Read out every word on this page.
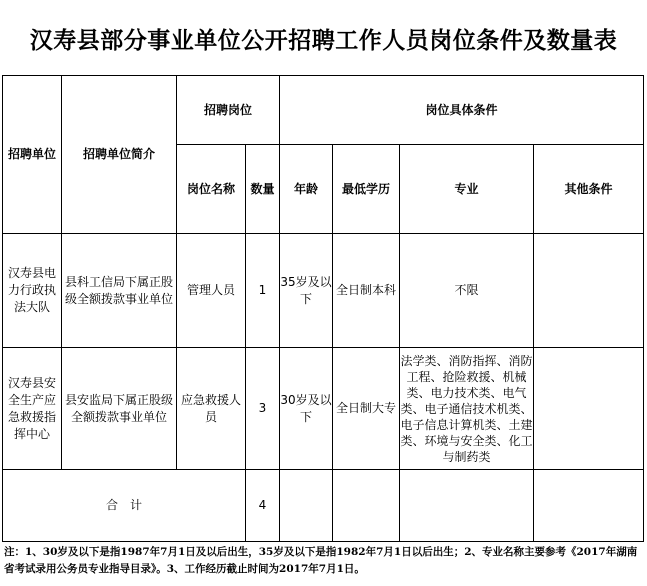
汉寿县部分事业单位公开招聘工作人员岗位条件及数量表
招聘单位	招聘单位简介	招聘岗位		岗位具体条件			
		岗位名称	数量	年龄	最低学历	专业	其他条件
汉寿县电力行政执法大队	县科工信局下属正股级全额拨款事业单位	管理人员	1	35岁及以下	全日制本科	不限	
汉寿县安全生产应急救援指挥中心	县安监局下属正股级全额拨款事业单位	应急救援人员	3	30岁及以下	全日制大专	法学类、消防指挥、消防工程、抢险救援、机械类、电力技术类、电气类、电子通信技术机类、电子信息计算机类、土建类、环境与安全类、化工与制药类	
合　计			4				
注：1、30岁及以下是指1987年7月1日及以后出生，35岁及以下是指1982年7月1日以后出生；2、专业名称主要参考《2017年湖南省考试录用公务员专业指导目录》。3、工作经历截止时间为2017年7月1日。
